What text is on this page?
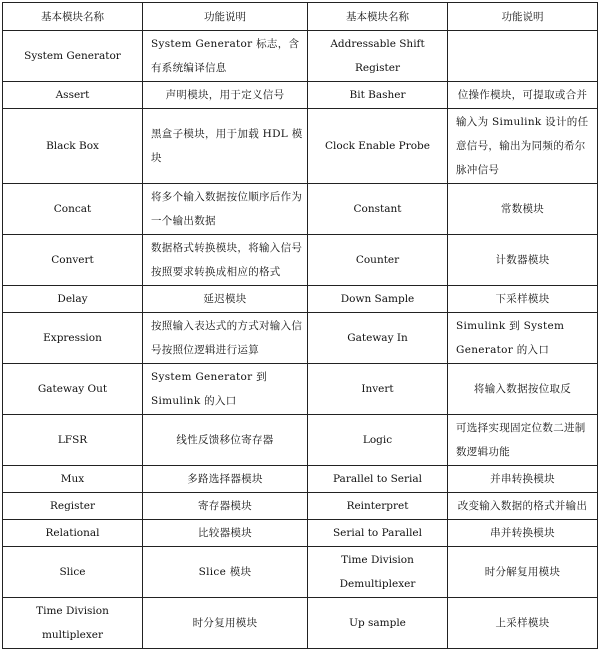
基本模块名称	功能说明	基本模块名称	功能说明
System Generator	System Generator 标志，含有系统编译信息	Addressable Shift Register	
Assert	声明模块，用于定义信号	Bit Basher	位操作模块，可提取或合并
Black Box	黑盒子模块，用于加载 HDL 模块	Clock Enable Probe	输入为 Simulink 设计的任意信号，输出为同频的希尔脉冲信号
Concat	将多个输入数据按位顺序后作为一个输出数据	Constant	常数模块
Convert	数据格式转换模块，将输入信号按照要求转换成相应的格式	Counter	计数器模块
Delay	延迟模块	Down Sample	下采样模块
Expression	按照输入表达式的方式对输入信号按照位逻辑进行运算	Gateway In	Simulink 到 System Generator 的入口
Gateway Out	System Generator 到 Simulink 的入口	Invert	将输入数据按位取反
LFSR	线性反馈移位寄存器	Logic	可选择实现固定位数二进制数逻辑功能
Mux	多路选择器模块	Parallel to Serial	并串转换模块
Register	寄存器模块	Reinterpret	改变输入数据的格式并输出
Relational	比较器模块	Serial to Parallel	串并转换模块
Slice	Slice 模块	Time Division Demultiplexer	时分解复用模块
Time Division multiplexer	时分复用模块	Up sample	上采样模块
